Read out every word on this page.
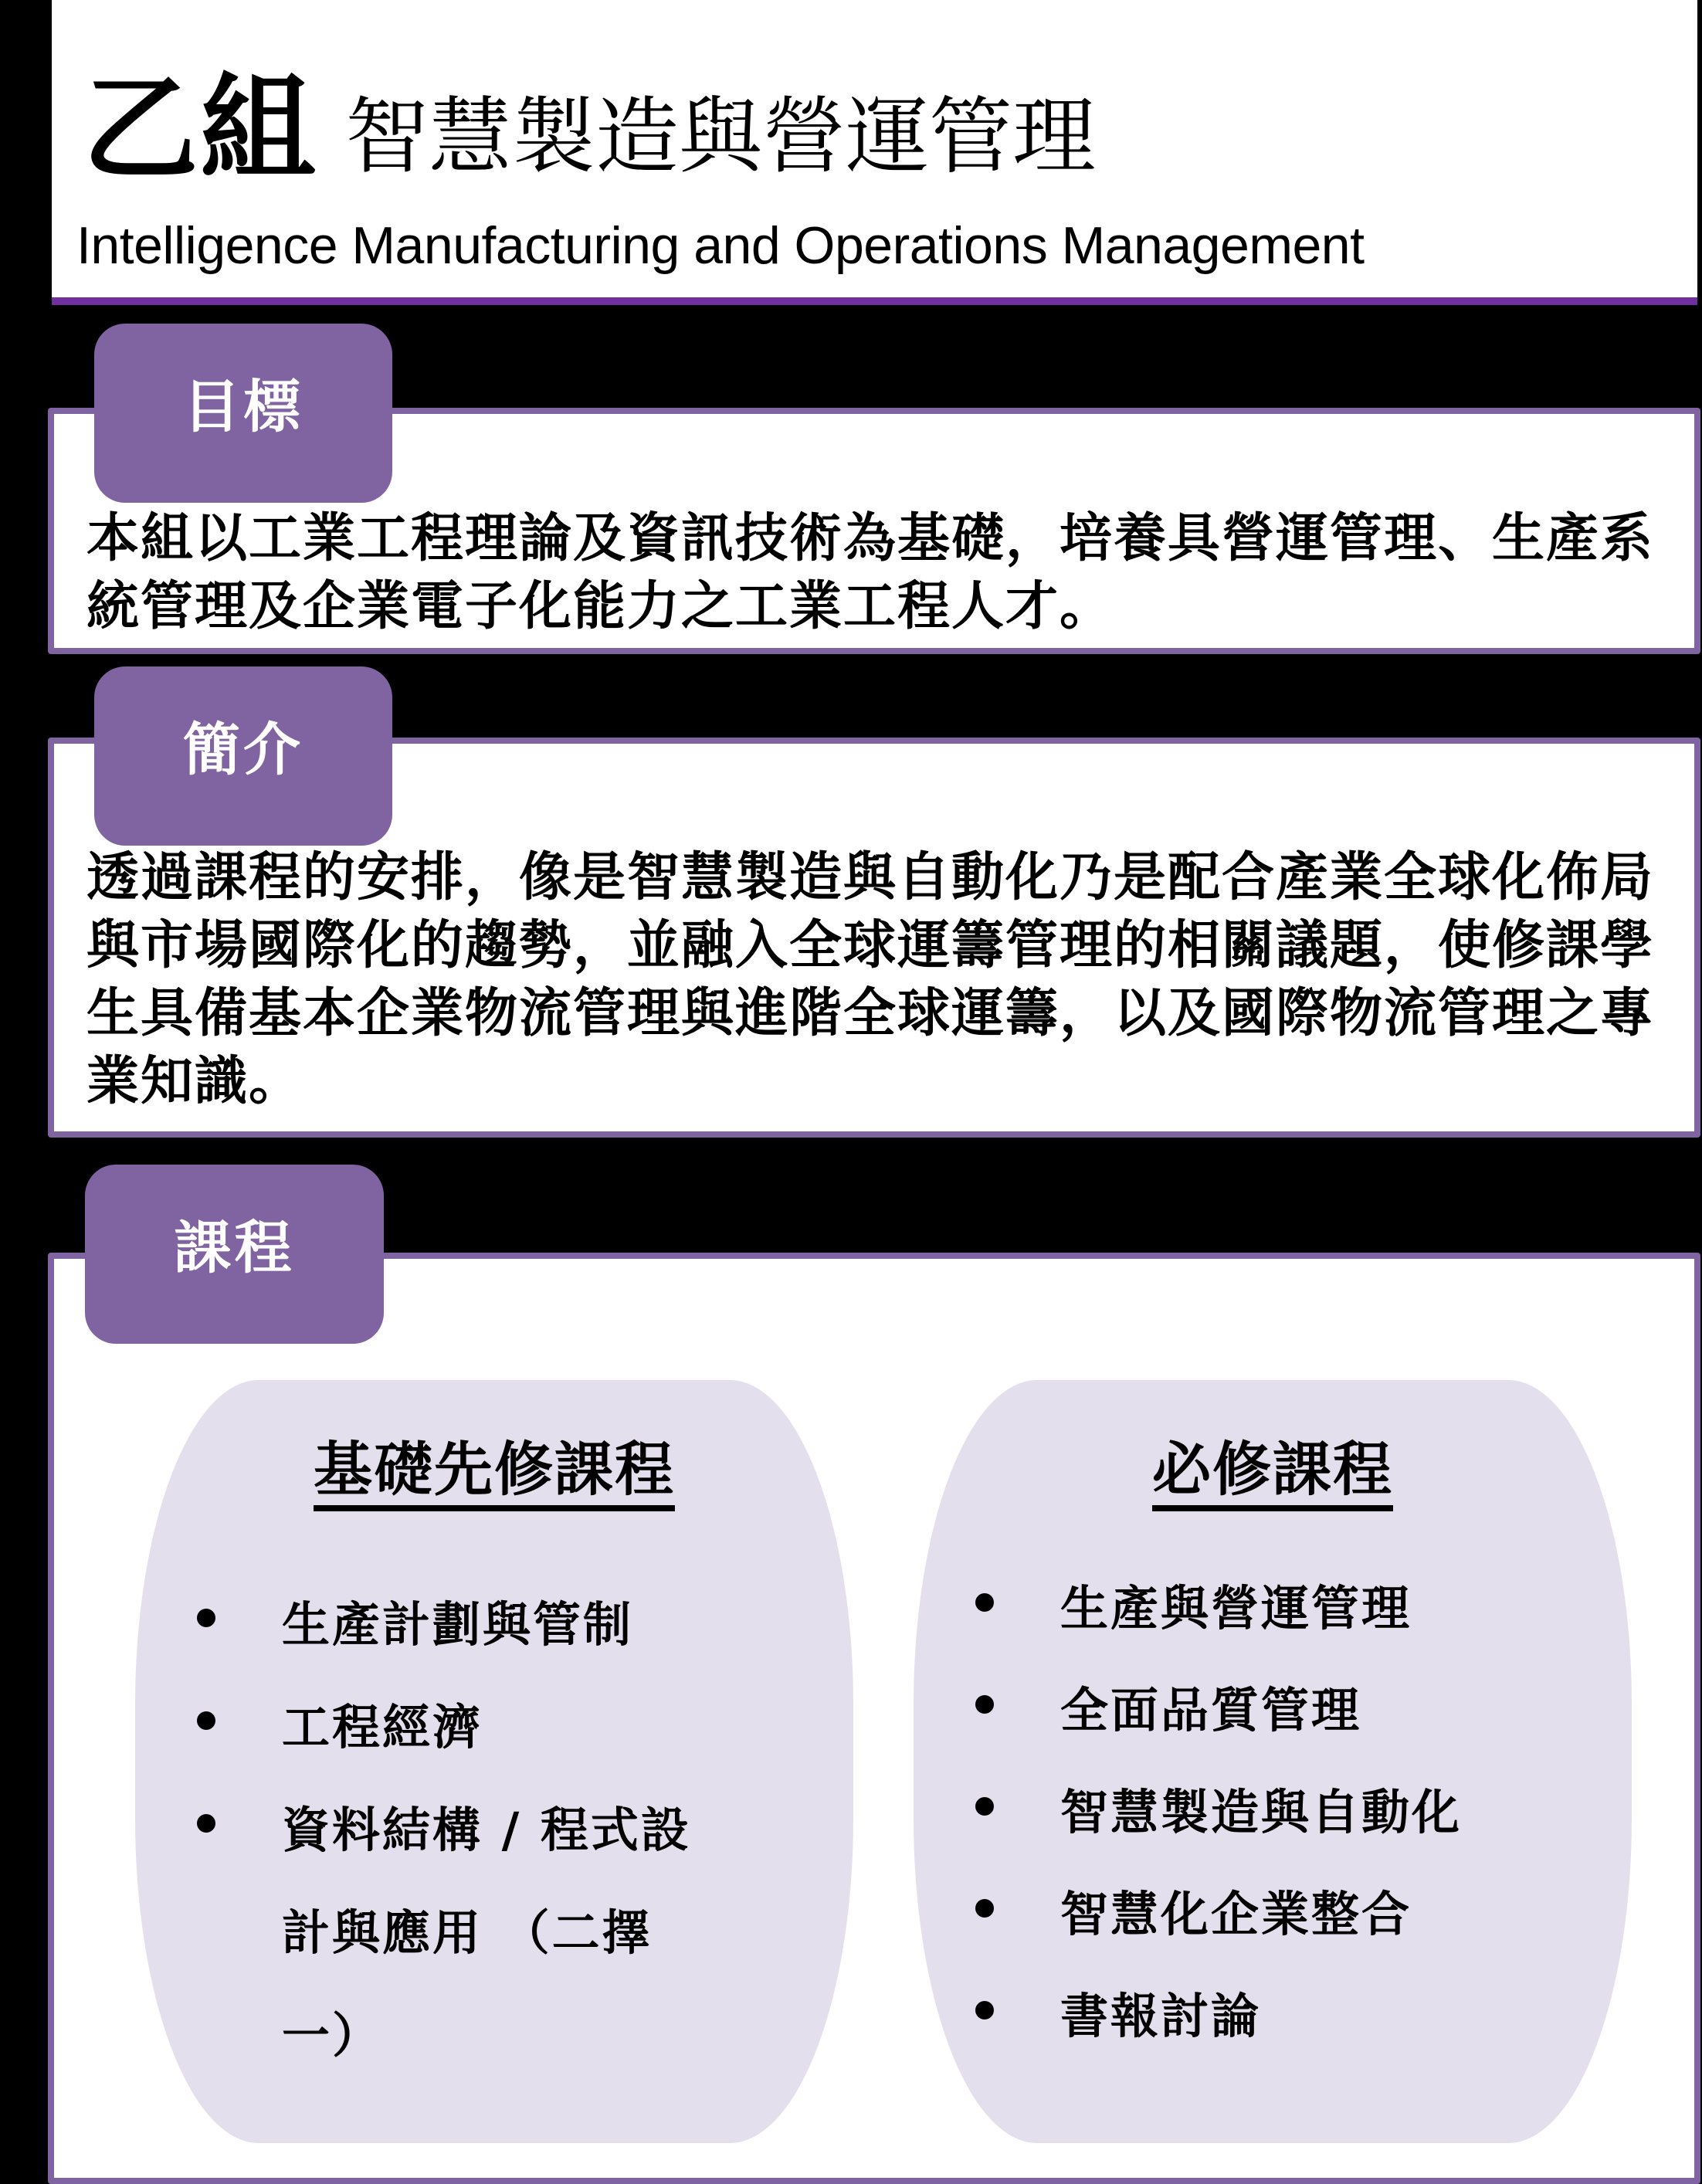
乙組 智慧製造與營運管理
Intelligence Manufacturing and Operations Management
目標
本組以工業工程理論及資訊技術為基礎，培養具營運管理、生產系統管理及企業電子化能力之工業工程人才。
簡介
透過課程的安排，像是智慧製造與自動化乃是配合產業全球化佈局與市場國際化的趨勢，並融入全球運籌管理的相關議題，使修課學生具備基本企業物流管理與進階全球運籌，以及國際物流管理之專業知識。
課程
基礎先修課程
生產計劃與管制
工程經濟
資料結構 / 程式設計與應用 （二擇一）
必修課程
生產與營運管理
全面品質管理
智慧製造與自動化
智慧化企業整合
書報討論
